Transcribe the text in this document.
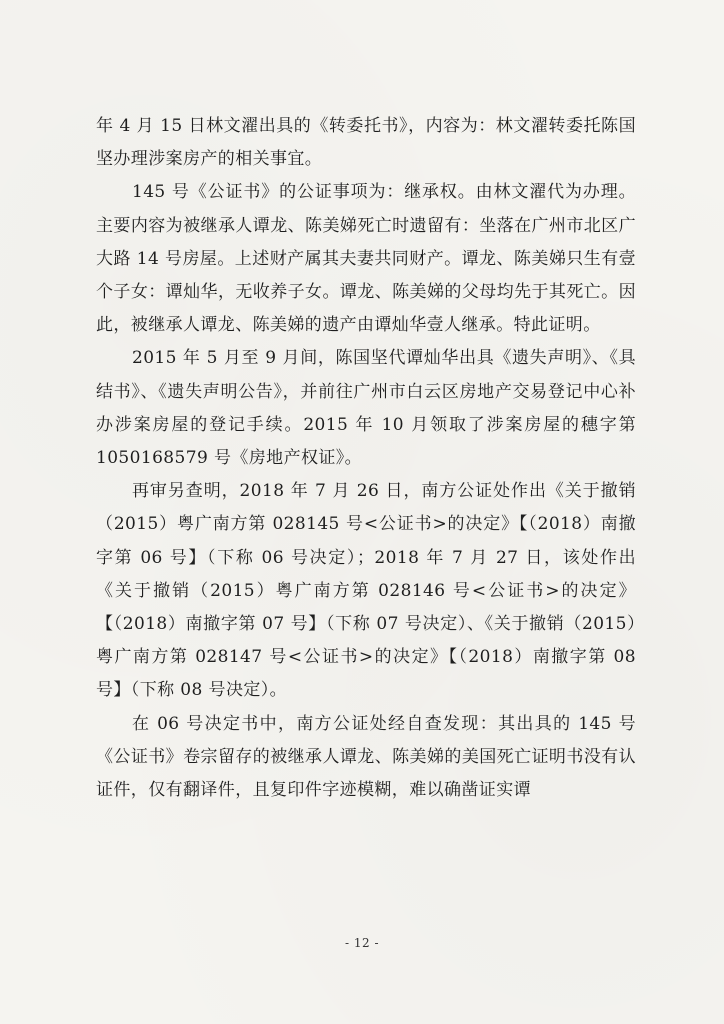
年 4 月 15 日林文濯出具的《转委托书》，内容为：林文濯转委托陈国坚办理涉案房产的相关事宜。

145 号《公证书》的公证事项为：继承权。由林文濯代为办理。主要内容为被继承人谭龙、陈美娣死亡时遗留有：坐落在广州市北区广大路 14 号房屋。上述财产属其夫妻共同财产。谭龙、陈美娣只生有壹个子女：谭灿华，无收养子女。谭龙、陈美娣的父母均先于其死亡。因此，被继承人谭龙、陈美娣的遗产由谭灿华壹人继承。特此证明。

2015 年 5 月至 9 月间，陈国坚代谭灿华出具《遗失声明》、《具结书》、《遗失声明公告》，并前往广州市白云区房地产交易登记中心补办涉案房屋的登记手续。2015 年 10 月领取了涉案房屋的穗字第 1050168579 号《房地产权证》。

再审另查明，2018 年 7 月 26 日，南方公证处作出《关于撤销（2015）粤广南方第 028145 号<公证书>的决定》【（2018）南撤字第 06 号】（下称 06 号决定）；2018 年 7 月 27 日，该处作出《关于撤销（2015）粤广南方第 028146 号<公证书>的决定》【（2018）南撤字第 07 号】（下称 07 号决定）、《关于撤销（2015）粤广南方第 028147 号<公证书>的决定》【（2018）南撤字第 08 号】（下称 08 号决定）。

在 06 号决定书中，南方公证处经自查发现：其出具的 145 号《公证书》卷宗留存的被继承人谭龙、陈美娣的美国死亡证明书没有认证件，仅有翻译件，且复印件字迹模糊，难以确凿证实谭

- 12 -
